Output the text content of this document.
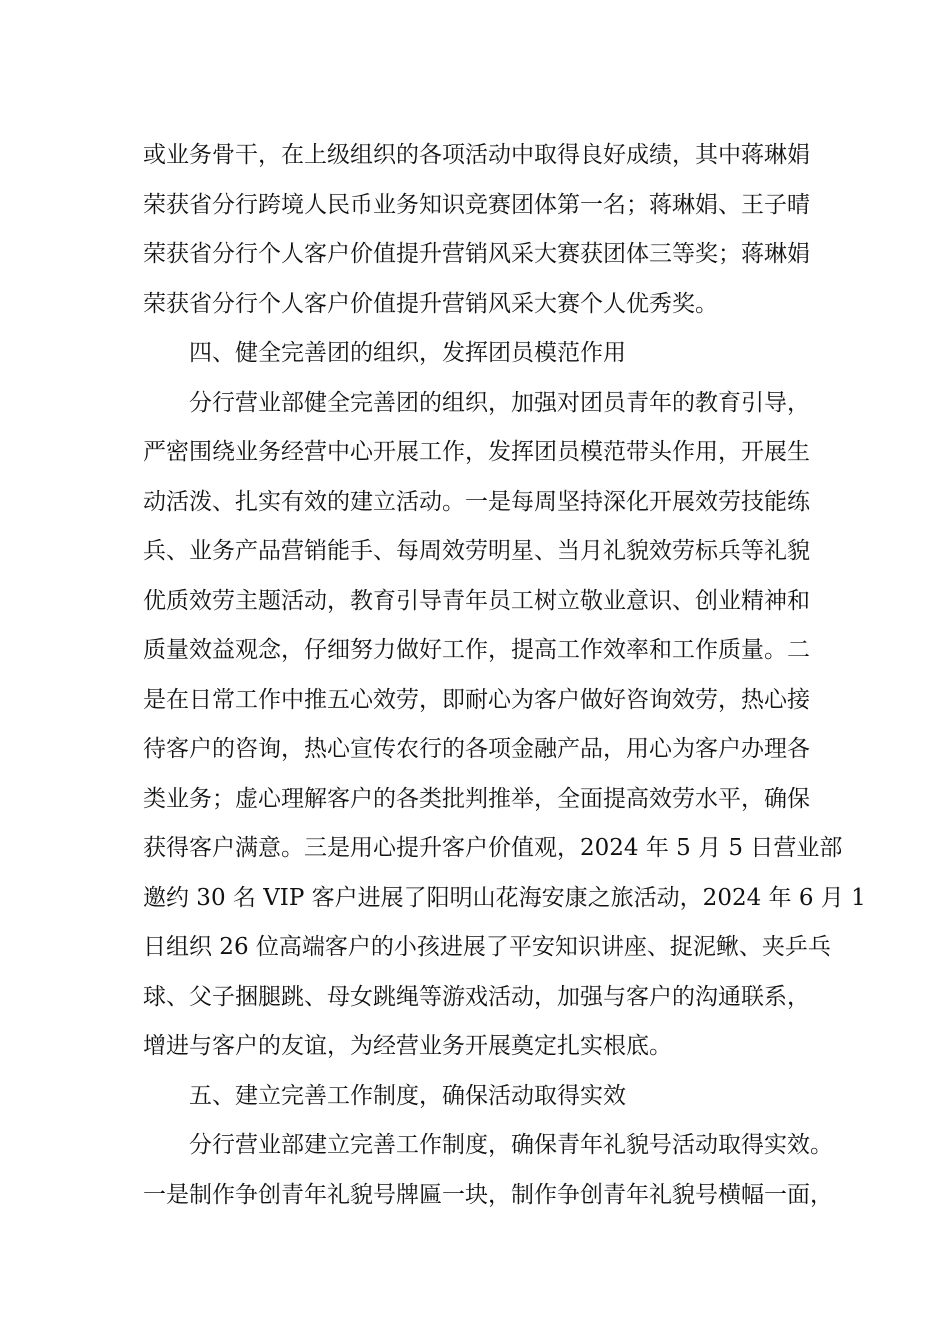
或业务骨干，在上级组织的各项活动中取得良好成绩，其中蒋琳娟
荣获省分行跨境人民币业务知识竞赛团体第一名；蒋琳娟、王子晴
荣获省分行个人客户价值提升营销风采大赛获团体三等奖；蒋琳娟
荣获省分行个人客户价值提升营销风采大赛个人优秀奖。
四、健全完善团的组织，发挥团员模范作用
分行营业部健全完善团的组织，加强对团员青年的教育引导，
严密围绕业务经营中心开展工作，发挥团员模范带头作用，开展生
动活泼、扎实有效的建立活动。一是每周坚持深化开展效劳技能练
兵、业务产品营销能手、每周效劳明星、当月礼貌效劳标兵等礼貌
优质效劳主题活动，教育引导青年员工树立敬业意识、创业精神和
质量效益观念，仔细努力做好工作，提高工作效率和工作质量。二
是在日常工作中推五心效劳，即耐心为客户做好咨询效劳，热心接
待客户的咨询，热心宣传农行的各项金融产品，用心为客户办理各
类业务；虚心理解客户的各类批判推举，全面提高效劳水平，确保
获得客户满意。三是用心提升客户价值观，2024 年 5 月 5 日营业部
邀约 30 名 VIP 客户进展了阳明山花海安康之旅活动，2024 年 6 月 1
日组织 26 位高端客户的小孩进展了平安知识讲座、捉泥鳅、夹乒乓
球、父子捆腿跳、母女跳绳等游戏活动，加强与客户的沟通联系，
增进与客户的友谊，为经营业务开展奠定扎实根底。
五、建立完善工作制度，确保活动取得实效
分行营业部建立完善工作制度，确保青年礼貌号活动取得实效。
一是制作争创青年礼貌号牌匾一块，制作争创青年礼貌号横幅一面，
